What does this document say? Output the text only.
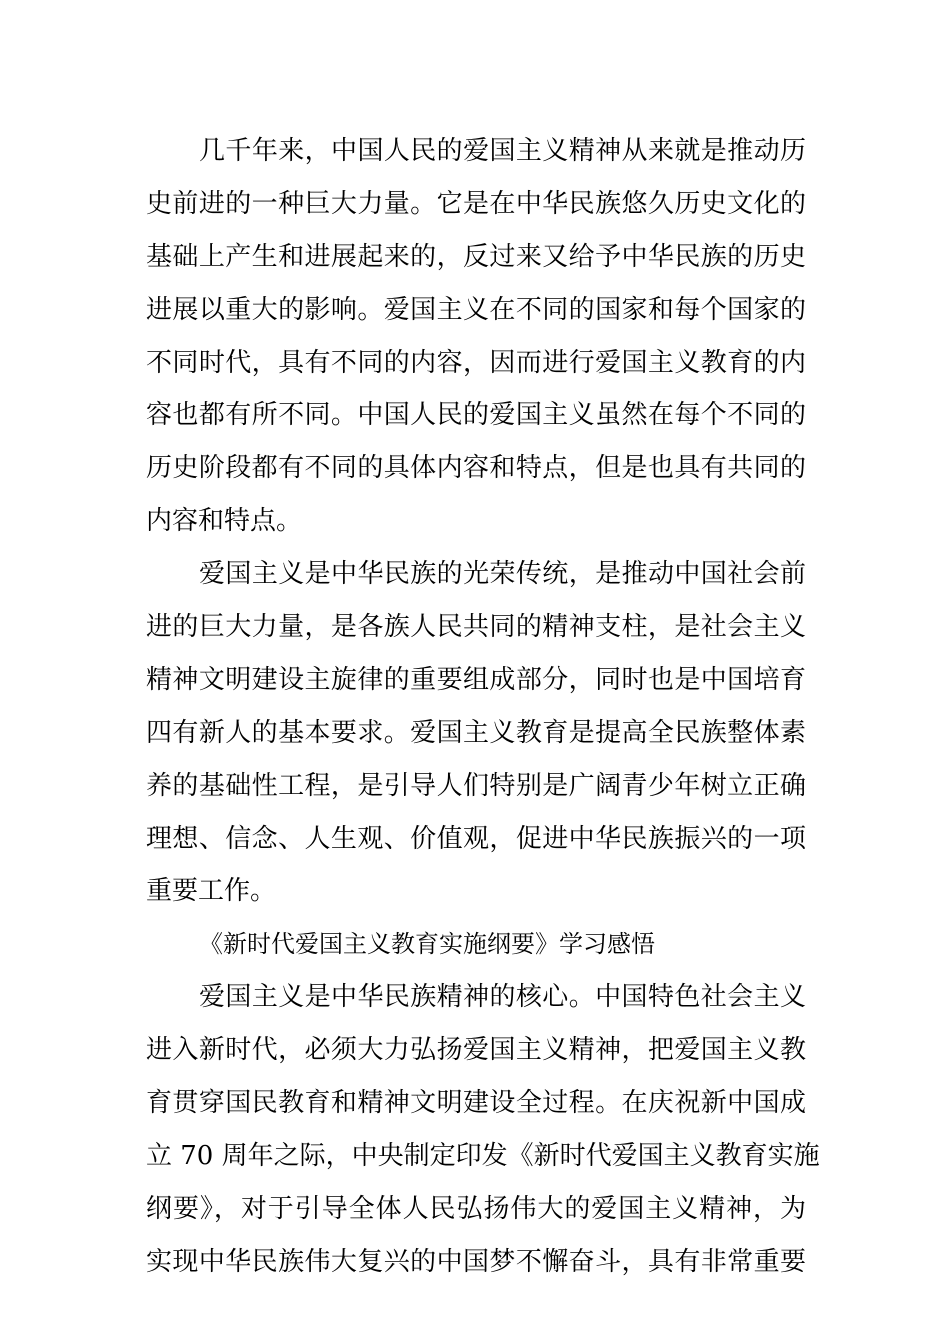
几千年来，中国人民的爱国主义精神从来就是推动历
史前进的一种巨大力量。它是在中华民族悠久历史文化的
基础上产生和进展起来的，反过来又给予中华民族的历史
进展以重大的影响。爱国主义在不同的国家和每个国家的
不同时代，具有不同的内容，因而进行爱国主义教育的内
容也都有所不同。中国人民的爱国主义虽然在每个不同的
历史阶段都有不同的具体内容和特点，但是也具有共同的
内容和特点。
爱国主义是中华民族的光荣传统，是推动中国社会前
进的巨大力量，是各族人民共同的精神支柱，是社会主义
精神文明建设主旋律的重要组成部分，同时也是中国培育
四有新人的基本要求。爱国主义教育是提高全民族整体素
养的基础性工程，是引导人们特别是广阔青少年树立正确
理想、信念、人生观、价值观，促进中华民族振兴的一项
重要工作。
《新时代爱国主义教育实施纲要》学习感悟
爱国主义是中华民族精神的核心。中国特色社会主义
进入新时代，必须大力弘扬爱国主义精神，把爱国主义教
育贯穿国民教育和精神文明建设全过程。在庆祝新中国成
立 70 周年之际，中央制定印发《新时代爱国主义教育实施
纲要》，对于引导全体人民弘扬伟大的爱国主义精神，为
实现中华民族伟大复兴的中国梦不懈奋斗，具有非常重要
